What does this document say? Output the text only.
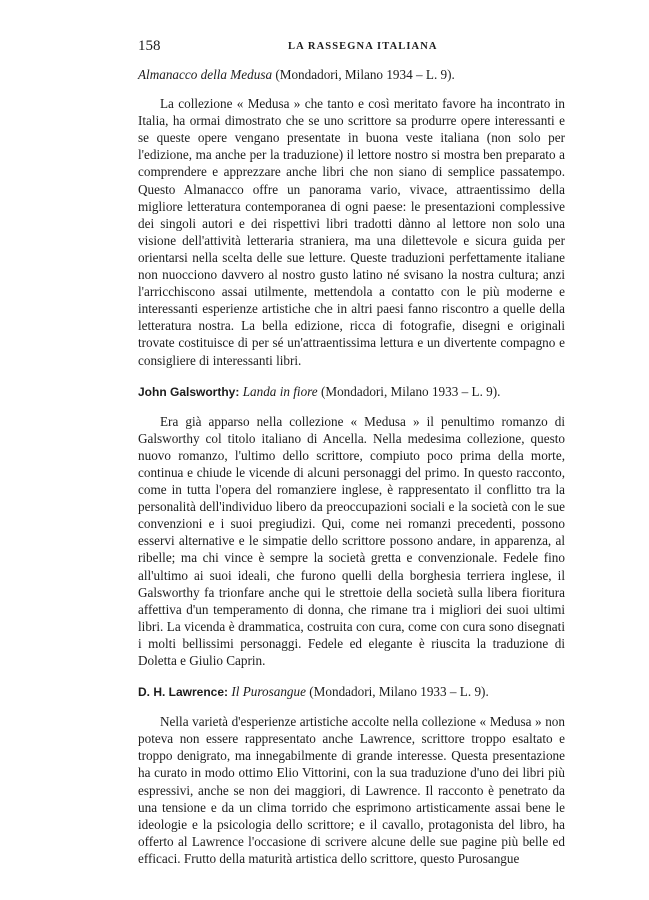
158	LA RASSEGNA ITALIANA

Almanacco della Medusa (Mondadori, Milano 1934 – L. 9).

La collezione « Medusa » che tanto e così meritato favore ha incontrato in Italia, ha ormai dimostrato che se uno scrittore sa produrre opere interessanti e se queste opere vengano presentate in buona veste italiana (non solo per l'edizione, ma anche per la traduzione) il lettore nostro si mostra ben preparato a comprendere e apprezzare anche libri che non siano di semplice passatempo. Questo Almanacco offre un panorama vario, vivace, attraentissimo della migliore letteratura contemporanea di ogni paese: le presentazioni complessive dei singoli autori e dei rispettivi libri tradotti dànno al lettore non solo una visione dell'attività letteraria straniera, ma una dilettevole e sicura guida per orientarsi nella scelta delle sue letture. Queste traduzioni perfettamente italiane non nuocciono davvero al nostro gusto latino né svisano la nostra cultura; anzi l'arricchiscono assai utilmente, mettendola a contatto con le più moderne e interessanti esperienze artistiche che in altri paesi fanno riscontro a quelle della letteratura nostra. La bella edizione, ricca di fotografie, disegni e originali trovate costituisce di per sé un'attraentissima lettura e un divertente compagno e consigliere di interessanti libri.

John Galsworthy: Landa in fiore (Mondadori, Milano 1933 – L. 9).

Era già apparso nella collezione « Medusa » il penultimo romanzo di Galsworthy col titolo italiano di Ancella. Nella medesima collezione, questo nuovo romanzo, l'ultimo dello scrittore, compiuto poco prima della morte, continua e chiude le vicende di alcuni personaggi del primo. In questo racconto, come in tutta l'opera del romanziere inglese, è rappresentato il conflitto tra la personalità dell'individuo libero da preoccupazioni sociali e la società con le sue convenzioni e i suoi pregiudizi. Qui, come nei romanzi precedenti, possono esservi alternative e le simpatie dello scrittore possono andare, in apparenza, al ribelle; ma chi vince è sempre la società gretta e convenzionale. Fedele fino all'ultimo ai suoi ideali, che furono quelli della borghesia terriera inglese, il Galsworthy fa trionfare anche qui le strettoie della società sulla libera fioritura affettiva d'un temperamento di donna, che rimane tra i migliori dei suoi ultimi libri. La vicenda è drammatica, costruita con cura, come con cura sono disegnati i molti bellissimi personaggi. Fedele ed elegante è riuscita la traduzione di Doletta e Giulio Caprin.

D. H. Lawrence: Il Purosangue (Mondadori, Milano 1933 – L. 9).

Nella varietà d'esperienze artistiche accolte nella collezione « Medusa » non poteva non essere rappresentato anche Lawrence, scrittore troppo esaltato e troppo denigrato, ma innegabilmente di grande interesse. Questa presentazione ha curato in modo ottimo Elio Vittorini, con la sua traduzione d'uno dei libri più espressivi, anche se non dei maggiori, di Lawrence. Il racconto è penetrato da una tensione e da un clima torrido che esprimono artisticamente assai bene le ideologie e la psicologia dello scrittore; e il cavallo, protagonista del libro, ha offerto al Lawrence l'occasione di scrivere alcune delle sue pagine più belle ed efficaci. Frutto della maturità artistica dello scrittore, questo Purosangue
